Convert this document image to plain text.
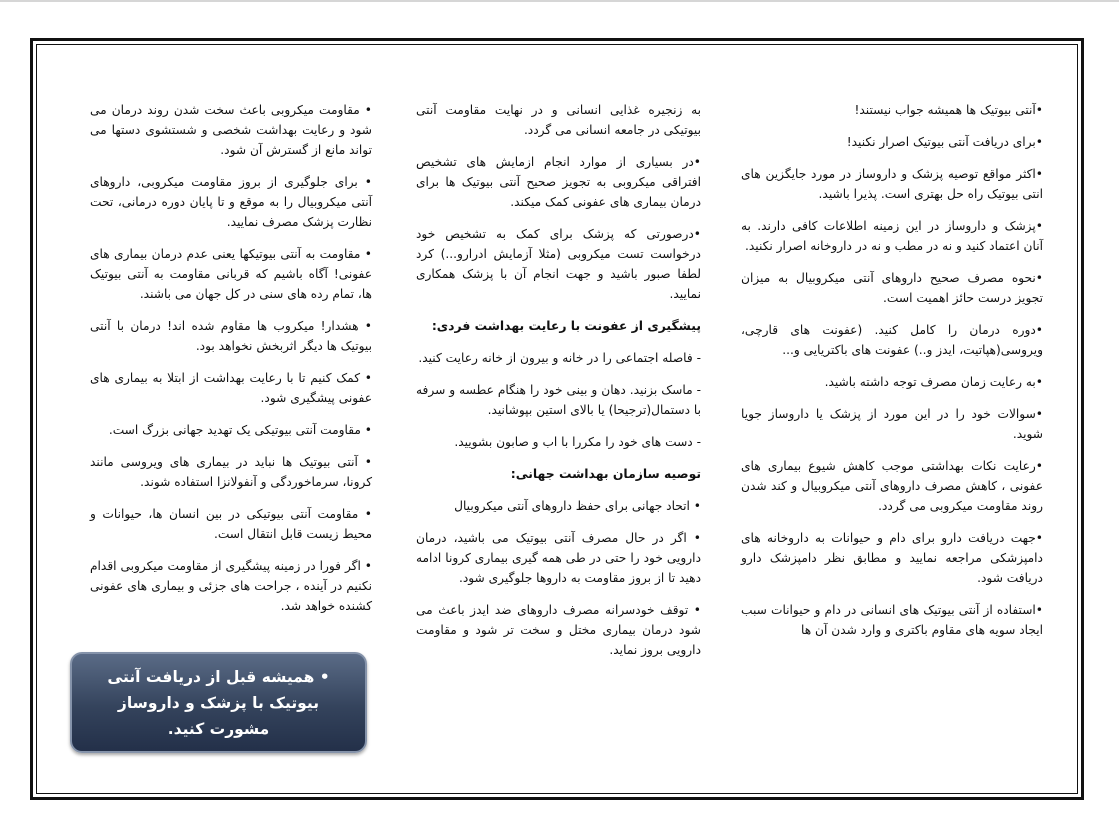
•آنتی بیوتیک ها همیشه جواب نیستند!

•برای دریافت آنتی بیوتیک اصرار نکنید!

•اکثر مواقع توصیه پزشک و داروساز در مورد جایگزین های انتی بیوتیک راه حل بهتری است. پذیرا باشید.

•پزشک و داروساز در این زمینه اطلاعات کافی دارند. به آنان اعتماد کنید و نه در مطب و نه در داروخانه اصرار نکنید.

•نحوه مصرف صحیح داروهای آنتی میکروبیال به میزان تجویز درست حائز اهمیت است.

•دوره درمان را کامل کنید. (عفونت های قارچی، ویروسی(هپاتیت، ایدز و..) عفونت های باکتریایی و...

•به رعایت زمان مصرف توجه داشته باشید.

•سوالات خود را در این مورد از پزشک یا داروساز جویا شوید.

•رعایت نکات بهداشتی موجب کاهش شیوع بیماری های عفونی ، کاهش مصرف داروهای آنتی میکروبیال و کند شدن روند مقاومت میکروبی می گردد.

•جهت دریافت دارو برای دام و حیوانات به داروخانه های دامپزشکی مراجعه نمایید و مطابق نظر دامپزشک دارو دریافت شود.

•استفاده از آنتی بیوتیک های انسانی در دام و حیوانات سبب ایجاد سویه های مقاوم باکتری و وارد شدن آن ها

به زنجیره غذایی انسانی و در نهایت مقاومت آنتی بیوتیکی در جامعه انسانی می گردد.

•در بسیاری از موارد انجام ازمایش های تشخیص افتراقی میکروبی به تجویز صحیح آنتی بیوتیک ها برای درمان بیماری های عفونی کمک میکند.

•درصورتی که پزشک برای کمک به تشخیص خود درخواست تست میکروبی (مثلا آزمایش ادرارو...) کرد لطفا صبور باشید و جهت انجام آن با پزشک همکاری نمایید.

پیشگیری از عفونت با رعایت بهداشت فردی:

- فاصله اجتماعی را در خانه و بیرون از خانه رعایت کنید.

- ماسک بزنید. دهان و بینی خود را هنگام عطسه و سرفه با دستمال(ترجیحا) یا بالای استین بپوشانید.

- دست های خود را مکررا با اب و صابون بشویید.

توصیه سازمان بهداشت جهانی:

• اتحاد جهانی برای حفظ داروهای آنتی میکروبیال

• اگر در حال مصرف آنتی بیوتیک می باشید، درمان دارویی خود را حتی در طی همه گیری بیماری کرونا ادامه دهید تا از بروز مقاومت به داروها جلوگیری شود.

• توقف خودسرانه مصرف داروهای ضد ایدز باعث می شود درمان بیماری مختل و سخت تر شود و مقاومت دارویی بروز نماید.

• مقاومت میکروبی باعث سخت شدن روند درمان می شود و رعایت بهداشت شخصی و شستشوی دستها می تواند مانع از گسترش آن شود.

• برای جلوگیری از بروز مقاومت میکروبی، داروهای آنتی میکروبیال را به موقع و تا پایان دوره درمانی، تحت نظارت پزشک مصرف نمایید.

• مقاومت به آنتی بیوتیکها یعنی عدم درمان بیماری های عفونی! آگاه باشیم که قربانی مقاومت به آنتی بیوتیک ها، تمام رده های سنی در کل جهان می باشند.

• هشدار! میکروب ها مقاوم شده اند! درمان با آنتی بیوتیک ها دیگر اثربخش نخواهد بود.

• کمک کنیم تا با رعایت بهداشت از ابتلا به بیماری های عفونی پیشگیری شود.

• مقاومت آنتی بیوتیکی یک تهدید جهانی بزرگ است.

• آنتی بیوتیک ها نباید در بیماری های ویروسی مانند کرونا، سرماخوردگی و آنفولانزا استفاده شوند.

• مقاومت آنتی بیوتیکی در بین انسان ها، حیوانات و محیط زیست قابل انتقال است.

• اگر فورا در زمینه پیشگیری از مقاومت میکروبی اقدام نکنیم در آینده ، جراحت های جزئی و بیماری های عفونی کشنده خواهد شد.

• همیشه قبل از دریافت آنتی بیوتیک با پزشک و داروساز مشورت کنید.
